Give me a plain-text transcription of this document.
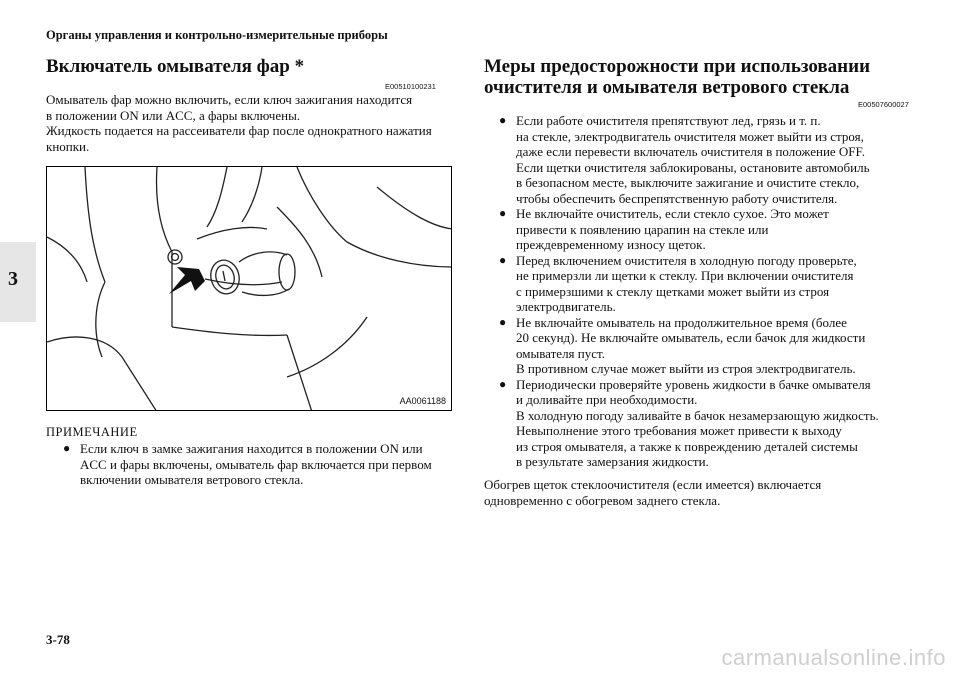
Органы управления и контрольно-измерительные приборы
3
Включатель омывателя фар *
E00510100231
Омыватель фар можно включить, если ключ зажигания находится
в положении ON или ACC, а фары включены.
Жидкость подается на рассеиватели фар после однократного нажатия
кнопки.
AA0061188
ПРИМЕЧАНИЕ
● Если ключ в замке зажигания находится в положении ON или
ACC и фары включены, омыватель фар включается при первом
включении омывателя ветрового стекла.
Меры предосторожности при использовании
очистителя и омывателя ветрового стекла
E00507600027
● Если работе очистителя препятствуют лед, грязь и т. п.
на стекле, электродвигатель очистителя может выйти из строя,
даже если перевести включатель очистителя в положение OFF.
Если щетки очистителя заблокированы, остановите автомобиль
в безопасном месте, выключите зажигание и очистите стекло,
чтобы обеспечить беспрепятственную работу очистителя.
● Не включайте очиститель, если стекло сухое. Это может
привести к появлению царапин на стекле или
преждевременному износу щеток.
● Перед включением очистителя в холодную погоду проверьте,
не примерзли ли щетки к стеклу. При включении очистителя
с примерзшими к стеклу щетками может выйти из строя
электродвигатель.
● Не включайте омыватель на продолжительное время (более
20 секунд). Не включайте омыватель, если бачок для жидкости
омывателя пуст.
В противном случае может выйти из строя электродвигатель.
● Периодически проверяйте уровень жидкости в бачке омывателя
и доливайте при необходимости.
В холодную погоду заливайте в бачок незамерзающую жидкость.
Невыполнение этого требования может привести к выходу
из строя омывателя, а также к повреждению деталей системы
в результате замерзания жидкости.
Обогрев щеток стеклоочистителя (если имеется) включается
одновременно с обогревом заднего стекла.
3-78
carmanualsonline.info
